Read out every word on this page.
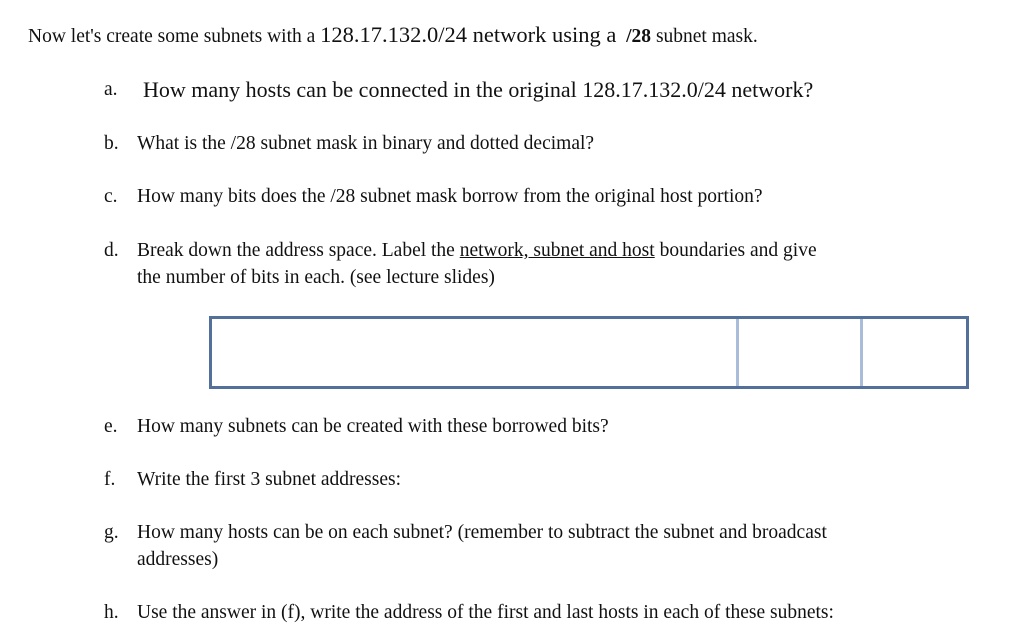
Now let's create some subnets with a 128.17.132.0/24 network using a /28 subnet mask.
a. How many hosts can be connected in the original 128.17.132.0/24 network?
b. What is the /28 subnet mask in binary and dotted decimal?
c. How many bits does the /28 subnet mask borrow from the original host portion?
d. Break down the address space. Label the network, subnet and host boundaries and give
the number of bits in each. (see lecture slides)
e. How many subnets can be created with these borrowed bits?
f. Write the first 3 subnet addresses:
g. How many hosts can be on each subnet? (remember to subtract the subnet and broadcast
addresses)
h. Use the answer in (f), write the address of the first and last hosts in each of these subnets:
